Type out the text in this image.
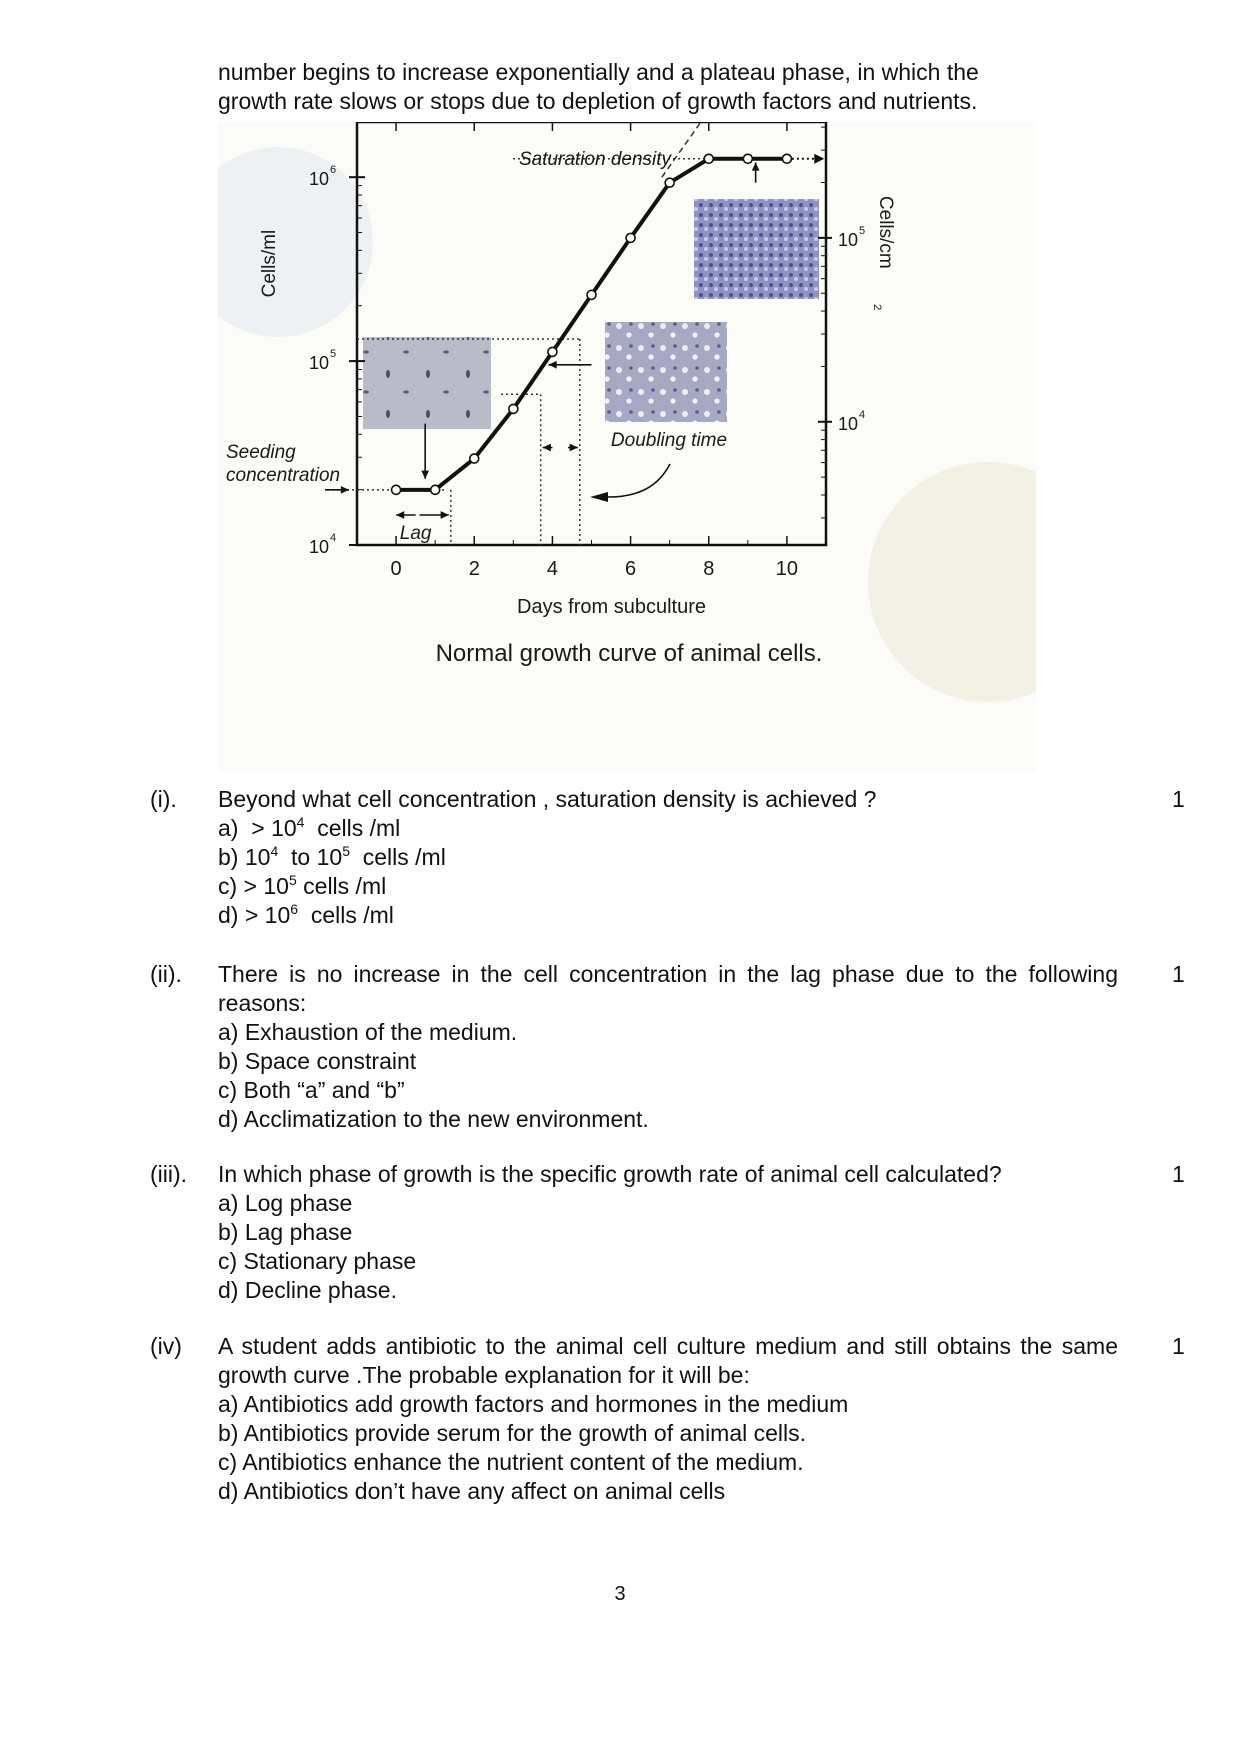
number begins to increase exponentially and a plateau phase, in which the
growth rate slows or stops due to depletion of growth factors and nutrients.
0	2	4	6	8	10
10 4
10 5
10 6
10 4
10 5
Days from subculture
Cells/ml	Cells/cm
2
Saturation density
Seeding
concentration
Lag
Doubling time
Normal growth curve of animal cells.
(i). Beyond what cell concentration , saturation density is achieved ?
$a) > 10^4$  cells /ml
b) $10^4$  to $10^5$  cells /ml
$c) > 10^5$ cells /ml
$d) > 10^6$  cells /ml
1
(ii). There is no increase in the cell concentration in the lag phase due to the following reasons:
a) Exhaustion of the medium.
b) Space constraint
c) Both “a” and “b”
d) Acclimatization to the new environment.
1
(iii). In which phase of growth is the specific growth rate of animal cell calculated?
a) Log phase
b) Lag phase
c) Stationary phase
d) Decline phase.
1
(iv) A student adds antibiotic to the animal cell culture medium and still obtains the same growth curve .The probable explanation for it will be:
a) Antibiotics add growth factors and hormones in the medium
b) Antibiotics provide serum for the growth of animal cells.
c) Antibiotics enhance the nutrient content of the medium.
d) Antibiotics don’t have any affect on animal cells
1
3
